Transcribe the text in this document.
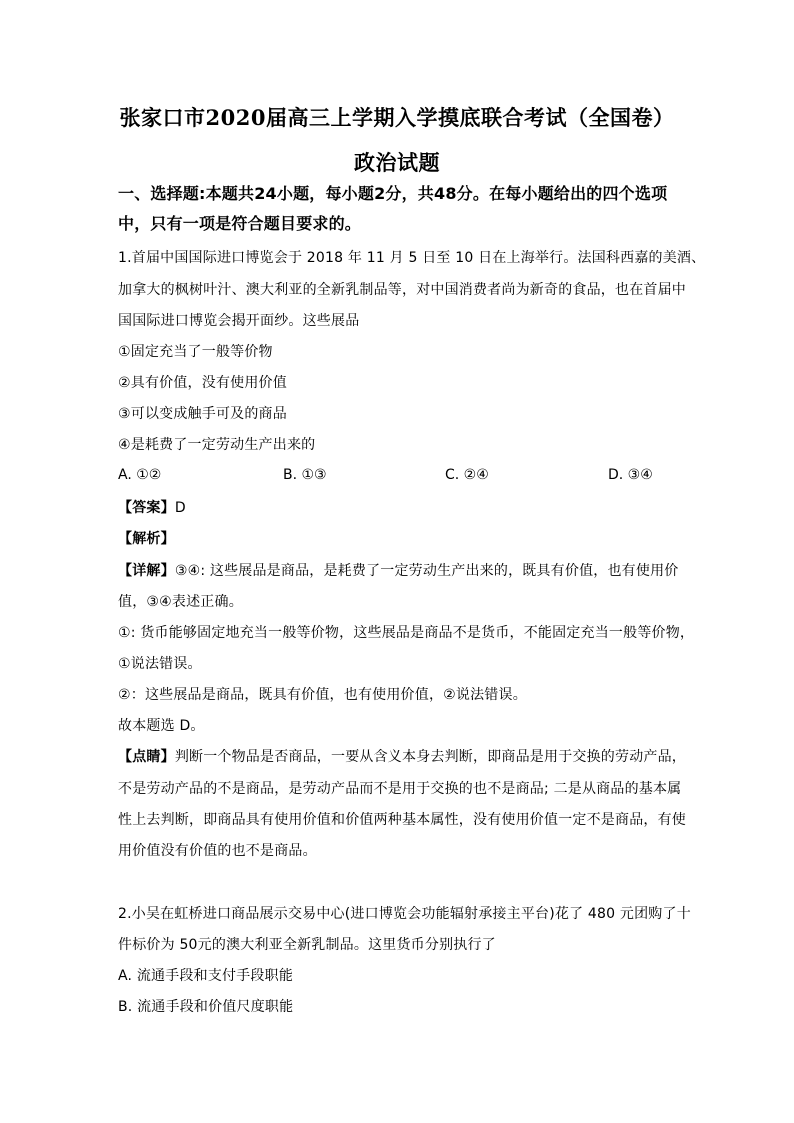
张家口市2020届高三上学期入学摸底联合考试（全国卷）
政治试题
一、选择题:本题共24小题，每小题2分，共48分。在每小题给出的四个选项
中，只有一项是符合题目要求的。
1.首届中国国际进口博览会于 2018 年 11 月 5 日至 10 日在上海举行。法国科西嘉的美酒、
加拿大的枫树叶汁、澳大利亚的全新乳制品等，对中国消费者尚为新奇的食品，也在首届中
国国际进口博览会揭开面纱。这些展品
①固定充当了一般等价物
②具有价值，没有使用价值
③可以变成触手可及的商品
④是耗费了一定劳动生产出来的
A. ①②	B. ①③	C. ②④	D. ③④
【答案】D
【解析】
【详解】③④: 这些展品是商品，是耗费了一定劳动生产出来的，既具有价值，也有使用价
值，③④表述正确。
①: 货币能够固定地充当一般等价物，这些展品是商品不是货币，不能固定充当一般等价物，
①说法错误。
②：这些展品是商品，既具有价值，也有使用价值，②说法错误。
故本题选 D。
【点睛】判断一个物品是否商品，一要从含义本身去判断，即商品是用于交换的劳动产品，
不是劳动产品的不是商品，是劳动产品而不是用于交换的也不是商品; 二是从商品的基本属
性上去判断，即商品具有使用价值和价值两种基本属性，没有使用价值一定不是商品，有使
用价值没有价值的也不是商品。
2.小吴在虹桥进口商品展示交易中心(进口博览会功能辐射承接主平台)花了 480 元团购了十
件标价为 50元的澳大利亚全新乳制品。这里货币分别执行了
A. 流通手段和支付手段职能
B. 流通手段和价值尺度职能
